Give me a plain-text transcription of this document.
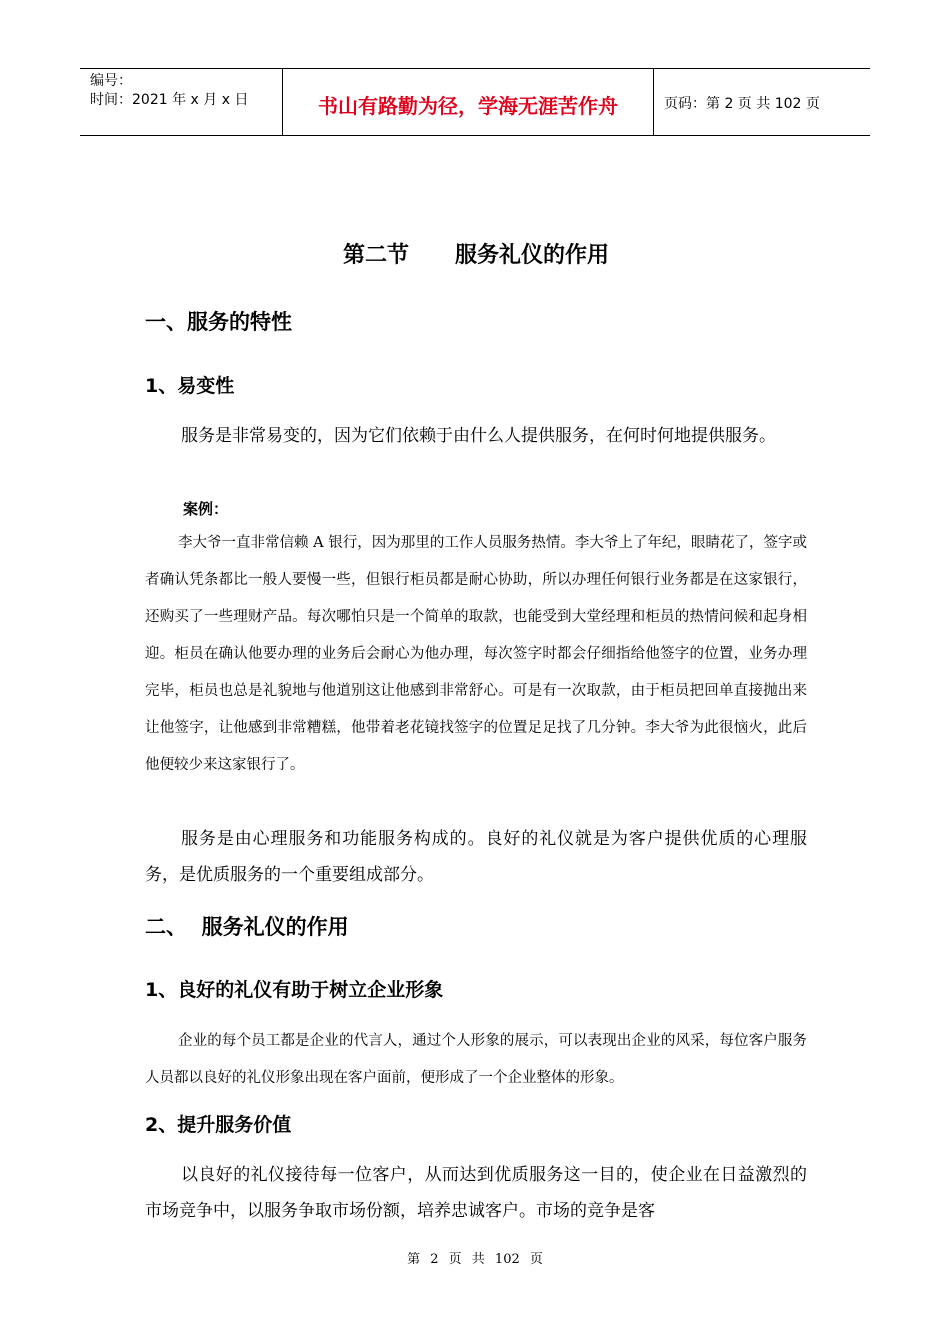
编号：
时间：2021 年 x 月 x 日	书山有路勤为径，学海无涯苦作舟	页码：第 2 页 共 102 页
第二节      服务礼仪的作用
一、服务的特性
1、易变性
服务是非常易变的，因为它们依赖于由什么人提供服务，在何时何地提供服务。
案例：
李大爷一直非常信赖 A 银行，因为那里的工作人员服务热情。李大爷上了年纪，眼睛花了，签字或者确认凭条都比一般人要慢一些，但银行柜员都是耐心协助，所以办理任何银行业务都是在这家银行，还购买了一些理财产品。每次哪怕只是一个简单的取款，也能受到大堂经理和柜员的热情问候和起身相迎。柜员在确认他要办理的业务后会耐心为他办理，每次签字时都会仔细指给他签字的位置，业务办理完毕，柜员也总是礼貌地与他道别这让他感到非常舒心。可是有一次取款，由于柜员把回单直接抛出来让他签字，让他感到非常糟糕，他带着老花镜找签字的位置足足找了几分钟。李大爷为此很恼火，此后他便较少来这家银行了。
服务是由心理服务和功能服务构成的。良好的礼仪就是为客户提供优质的心理服务，是优质服务的一个重要组成部分。
二、  服务礼仪的作用
1、良好的礼仪有助于树立企业形象
企业的每个员工都是企业的代言人，通过个人形象的展示，可以表现出企业的风采，每位客户服务人员都以良好的礼仪形象出现在客户面前，便形成了一个企业整体的形象。
2、提升服务价值
以良好的礼仪接待每一位客户，从而达到优质服务这一目的，使企业在日益激烈的市场竞争中，以服务争取市场份额，培养忠诚客户。市场的竞争是客
第 2 页 共 102 页
